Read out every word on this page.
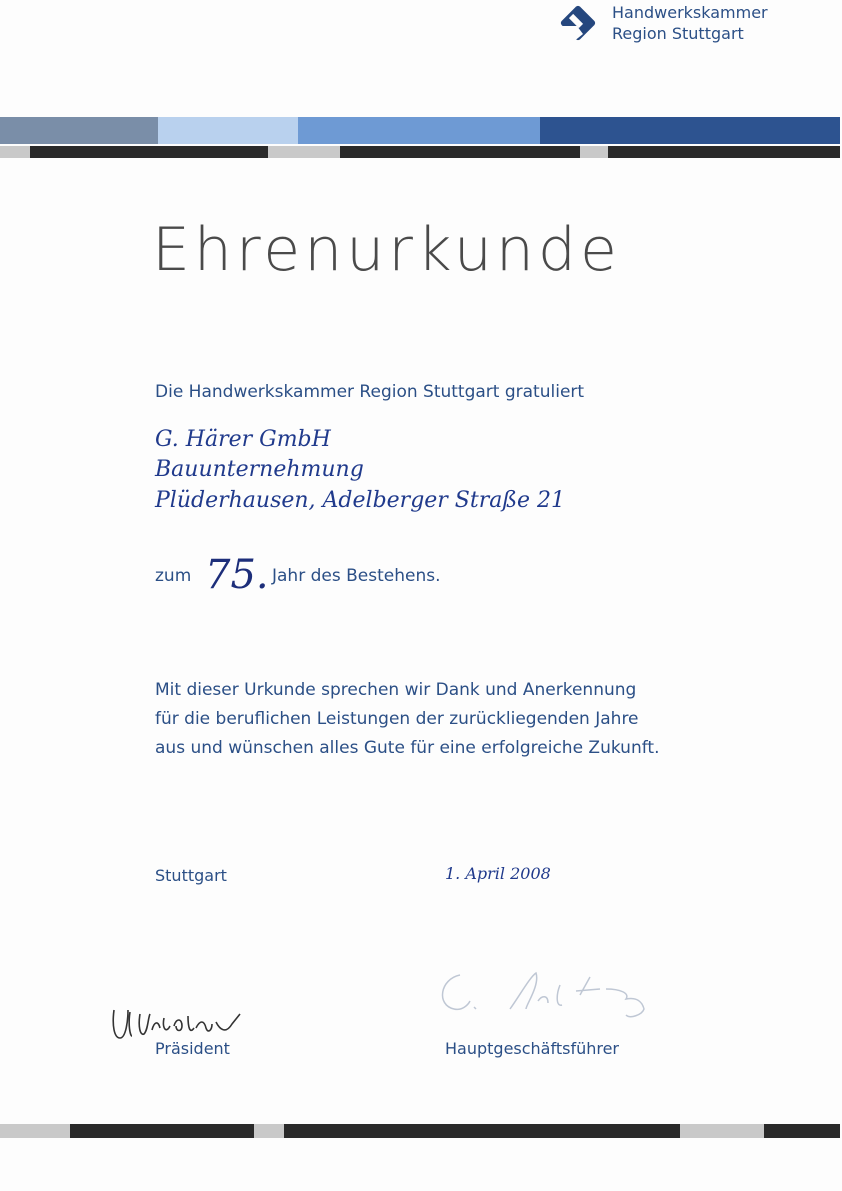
Handwerkskammer
Region Stuttgart
Ehrenurkunde
Die Handwerkskammer Region Stuttgart gratuliert
G. Härer GmbH
Bauunternehmung
Plüderhausen, Adelberger Straße 21
zum 75. Jahr des Bestehens.
Mit dieser Urkunde sprechen wir Dank und Anerkennung
für die beruflichen Leistungen der zurückliegenden Jahre
aus und wünschen alles Gute für eine erfolgreiche Zukunft.
Stuttgart	1. April 2008
Präsident	Hauptgeschäftsführer
